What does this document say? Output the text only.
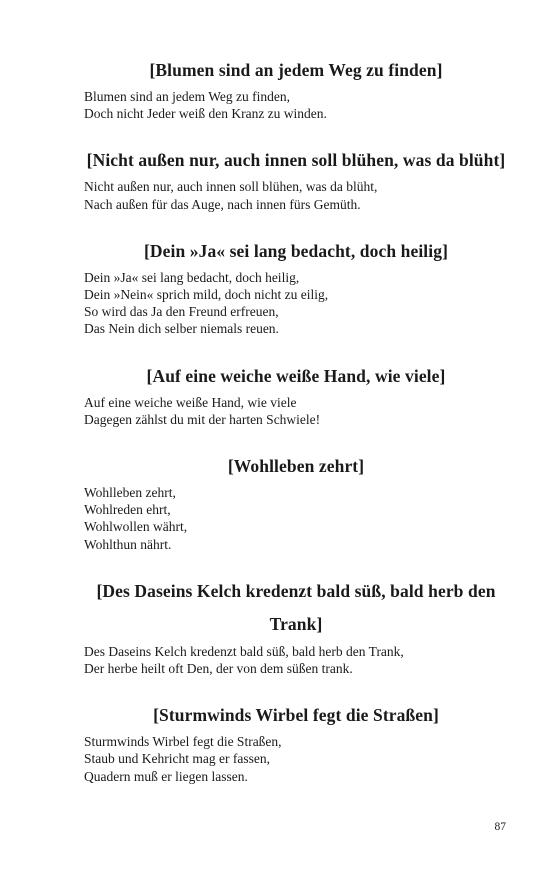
[Blumen sind an jedem Weg zu finden]
Blumen sind an jedem Weg zu finden,
Doch nicht Jeder weiß den Kranz zu winden.
[Nicht außen nur, auch innen soll blühen, was da blüht]
Nicht außen nur, auch innen soll blühen, was da blüht,
Nach außen für das Auge, nach innen fürs Gemüth.
[Dein »Ja« sei lang bedacht, doch heilig]
Dein »Ja« sei lang bedacht, doch heilig,
Dein »Nein« sprich mild, doch nicht zu eilig,
So wird das Ja den Freund erfreuen,
Das Nein dich selber niemals reuen.
[Auf eine weiche weiße Hand, wie viele]
Auf eine weiche weiße Hand, wie viele
Dagegen zählst du mit der harten Schwiele!
[Wohlleben zehrt]
Wohlleben zehrt,
Wohlreden ehrt,
Wohlwollen währt,
Wohlthun nährt.
[Des Daseins Kelch kredenzt bald süß, bald herb den Trank]
Des Daseins Kelch kredenzt bald süß, bald herb den Trank,
Der herbe heilt oft Den, der von dem süßen trank.
[Sturmwinds Wirbel fegt die Straßen]
Sturmwinds Wirbel fegt die Straßen,
Staub und Kehricht mag er fassen,
Quadern muß er liegen lassen.
87
